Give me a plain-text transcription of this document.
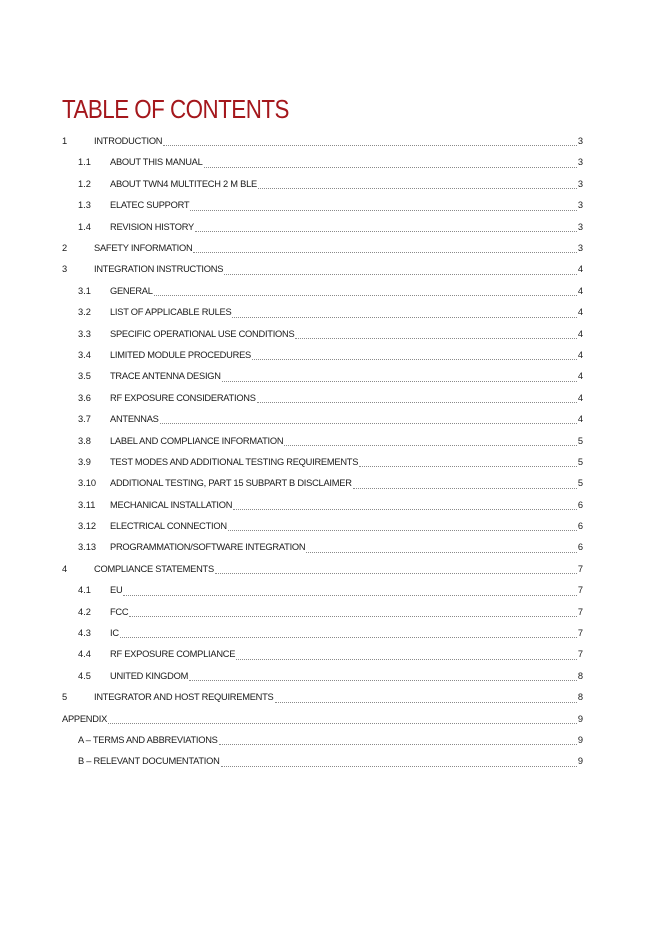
TABLE OF CONTENTS
1	INTRODUCTION	3
1.1	ABOUT THIS MANUAL	3
1.2	ABOUT TWN4 MULTITECH 2 M BLE	3
1.3	ELATEC SUPPORT	3
1.4	REVISION HISTORY	3
2	SAFETY INFORMATION	3
3	INTEGRATION INSTRUCTIONS	4
3.1	GENERAL	4
3.2	LIST OF APPLICABLE RULES	4
3.3	SPECIFIC OPERATIONAL USE CONDITIONS	4
3.4	LIMITED MODULE PROCEDURES	4
3.5	TRACE ANTENNA DESIGN	4
3.6	RF EXPOSURE CONSIDERATIONS	4
3.7	ANTENNAS	4
3.8	LABEL AND COMPLIANCE INFORMATION	5
3.9	TEST MODES AND ADDITIONAL TESTING REQUIREMENTS	5
3.10	ADDITIONAL TESTING, PART 15 SUBPART B DISCLAIMER	5
3.11	MECHANICAL INSTALLATION	6
3.12	ELECTRICAL CONNECTION	6
3.13	PROGRAMMATION/SOFTWARE INTEGRATION	6
4	COMPLIANCE STATEMENTS	7
4.1	EU	7
4.2	FCC	7
4.3	IC	7
4.4	RF EXPOSURE COMPLIANCE	7
4.5	UNITED KINGDOM	8
5	INTEGRATOR AND HOST REQUIREMENTS	8
APPENDIX	9
A – TERMS AND ABBREVIATIONS	9
B – RELEVANT DOCUMENTATION	9
